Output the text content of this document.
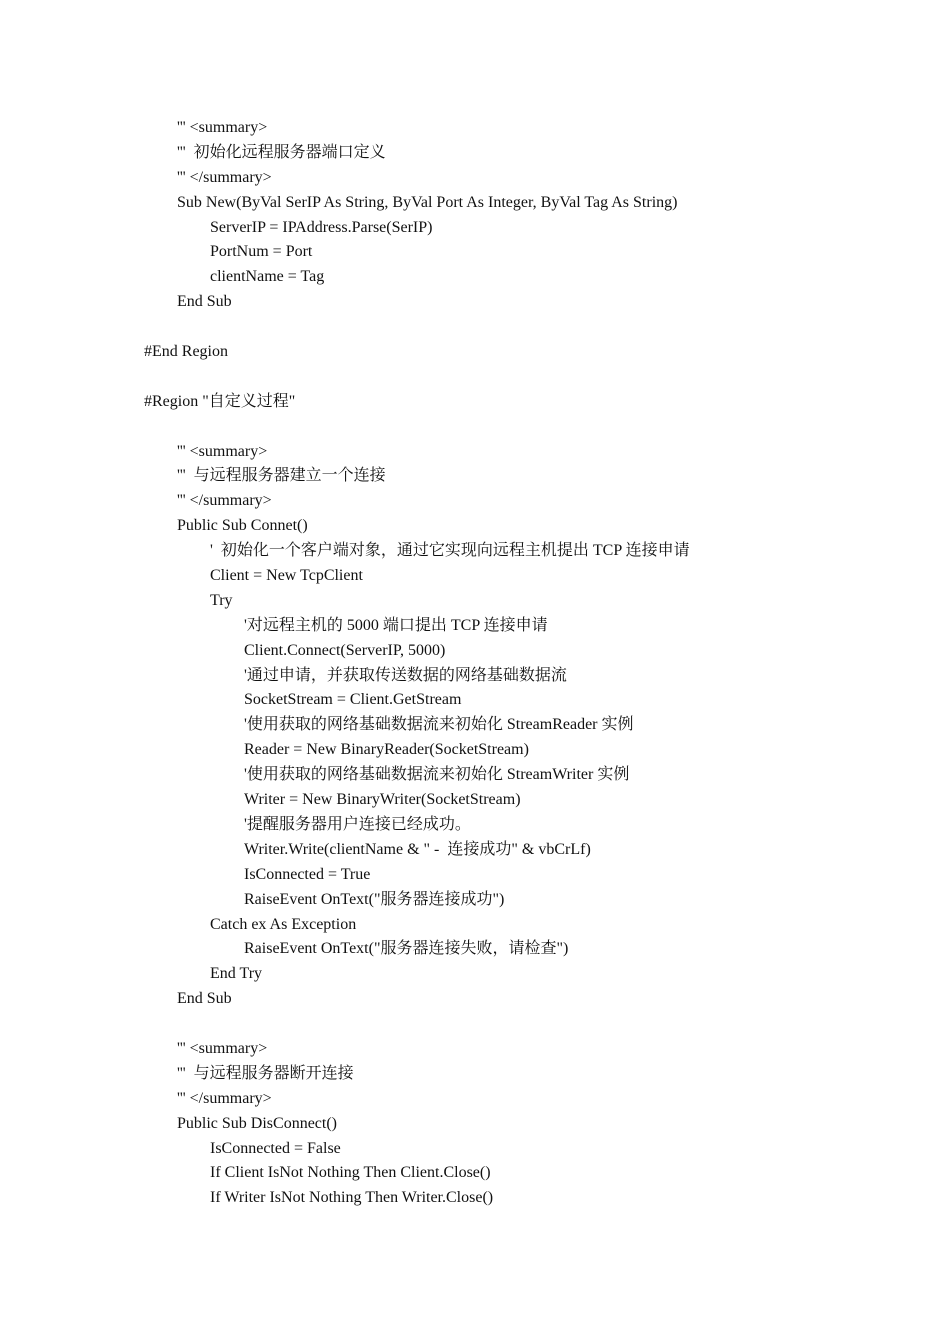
''' <summary>
'''  初始化远程服务器端口定义
''' </summary>
Sub New(ByVal SerIP As String, ByVal Port As Integer, ByVal Tag As String)
ServerIP = IPAddress.Parse(SerIP)
PortNum = Port
clientName = Tag
End Sub
#End Region
#Region "自定义过程"
''' <summary>
'''  与远程服务器建立一个连接
''' </summary>
Public Sub Connet()
'  初始化一个客户端对象，通过它实现向远程主机提出 TCP 连接申请
Client = New TcpClient
Try
'对远程主机的 5000 端口提出 TCP 连接申请
Client.Connect(ServerIP, 5000)
'通过申请，并获取传送数据的网络基础数据流
SocketStream = Client.GetStream
'使用获取的网络基础数据流来初始化 StreamReader 实例
Reader = New BinaryReader(SocketStream)
'使用获取的网络基础数据流来初始化 StreamWriter 实例
Writer = New BinaryWriter(SocketStream)
'提醒服务器用户连接已经成功。
Writer.Write(clientName & " -  连接成功" & vbCrLf)
IsConnected = True
RaiseEvent OnText("服务器连接成功")
Catch ex As Exception
RaiseEvent OnText("服务器连接失败，请检查")
End Try
End Sub
''' <summary>
'''  与远程服务器断开连接
''' </summary>
Public Sub DisConnect()
IsConnected = False
If Client IsNot Nothing Then Client.Close()
If Writer IsNot Nothing Then Writer.Close()
